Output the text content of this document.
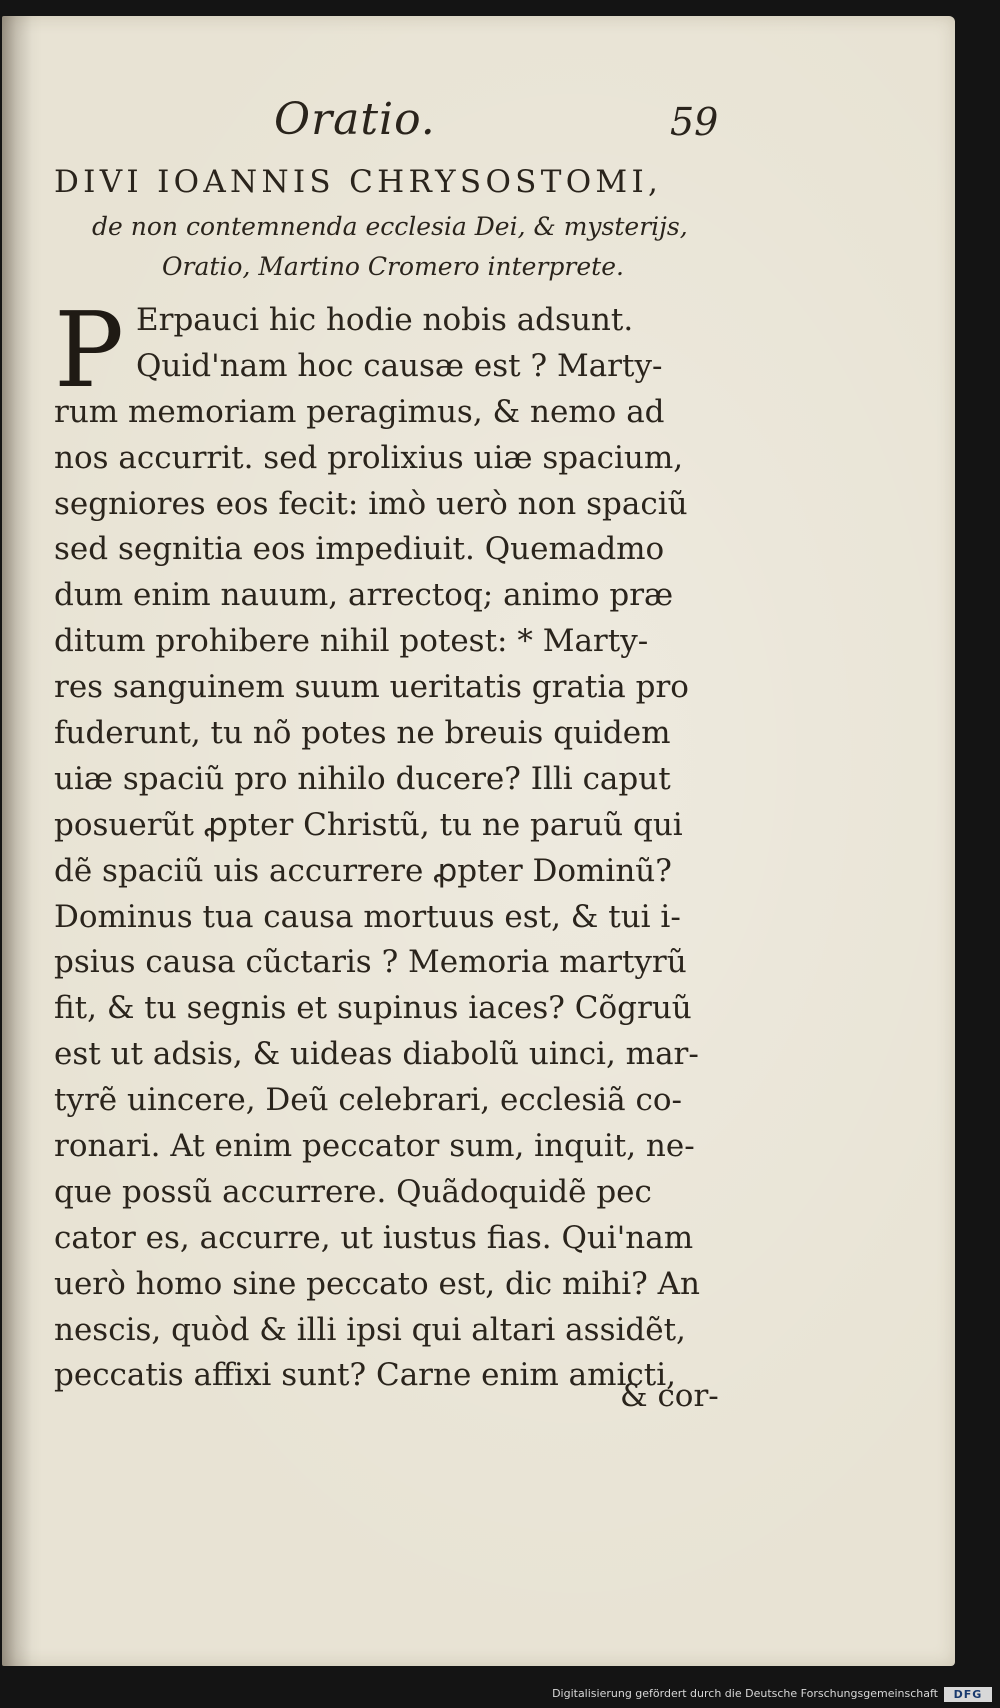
Oratio.	59
DIVI IOANNIS CHRYSOSTOMI,
de non contemnenda ecclesia Dei, & mysterijs,
Oratio, Martino Cromero interprete.
P Erpauci hic hodie nobis adsunt.
Quid'nam hoc causæ est ? Marty-
rum memoriam peragimus, & nemo ad
nos accurrit. sed prolixius uiæ spacium,
segniores eos fecit: imò uerò non spaciũ
sed segnitia eos impediuit. Quemadmo
dum enim nauum, arrectoq; animo præ
ditum prohibere nihil potest: * Marty-
res sanguinem suum ueritatis gratia pro
fuderunt, tu nõ potes ne breuis quidem
uiæ spaciũ pro nihilo ducere? Illi caput
posuerũt ꝓpter Christũ, tu ne paruũ qui
dẽ spaciũ uis accurrere ꝓpter Dominũ?
Dominus tua causa mortuus est, & tui i-
psius causa cũctaris ? Memoria martyrũ
fit, & tu segnis et supinus iaces? Cõgruũ
est ut adsis, & uideas diabolũ uinci, mar-
tyrẽ uincere, Deũ celebrari, ecclesiã co-
ronari. At enim peccator sum, inquit, ne-
que possũ accurrere. Quãdoquidẽ pec
cator es, accurre, ut iustus fias. Qui'nam
uerò homo sine peccato est, dic mihi? An
nescis, quòd & illi ipsi qui altari assidẽt,
peccatis affixi sunt? Carne enim amicti,
& cor-
Digitalisierung gefördert durch die Deutsche Forschungsgemeinschaft	DFG
